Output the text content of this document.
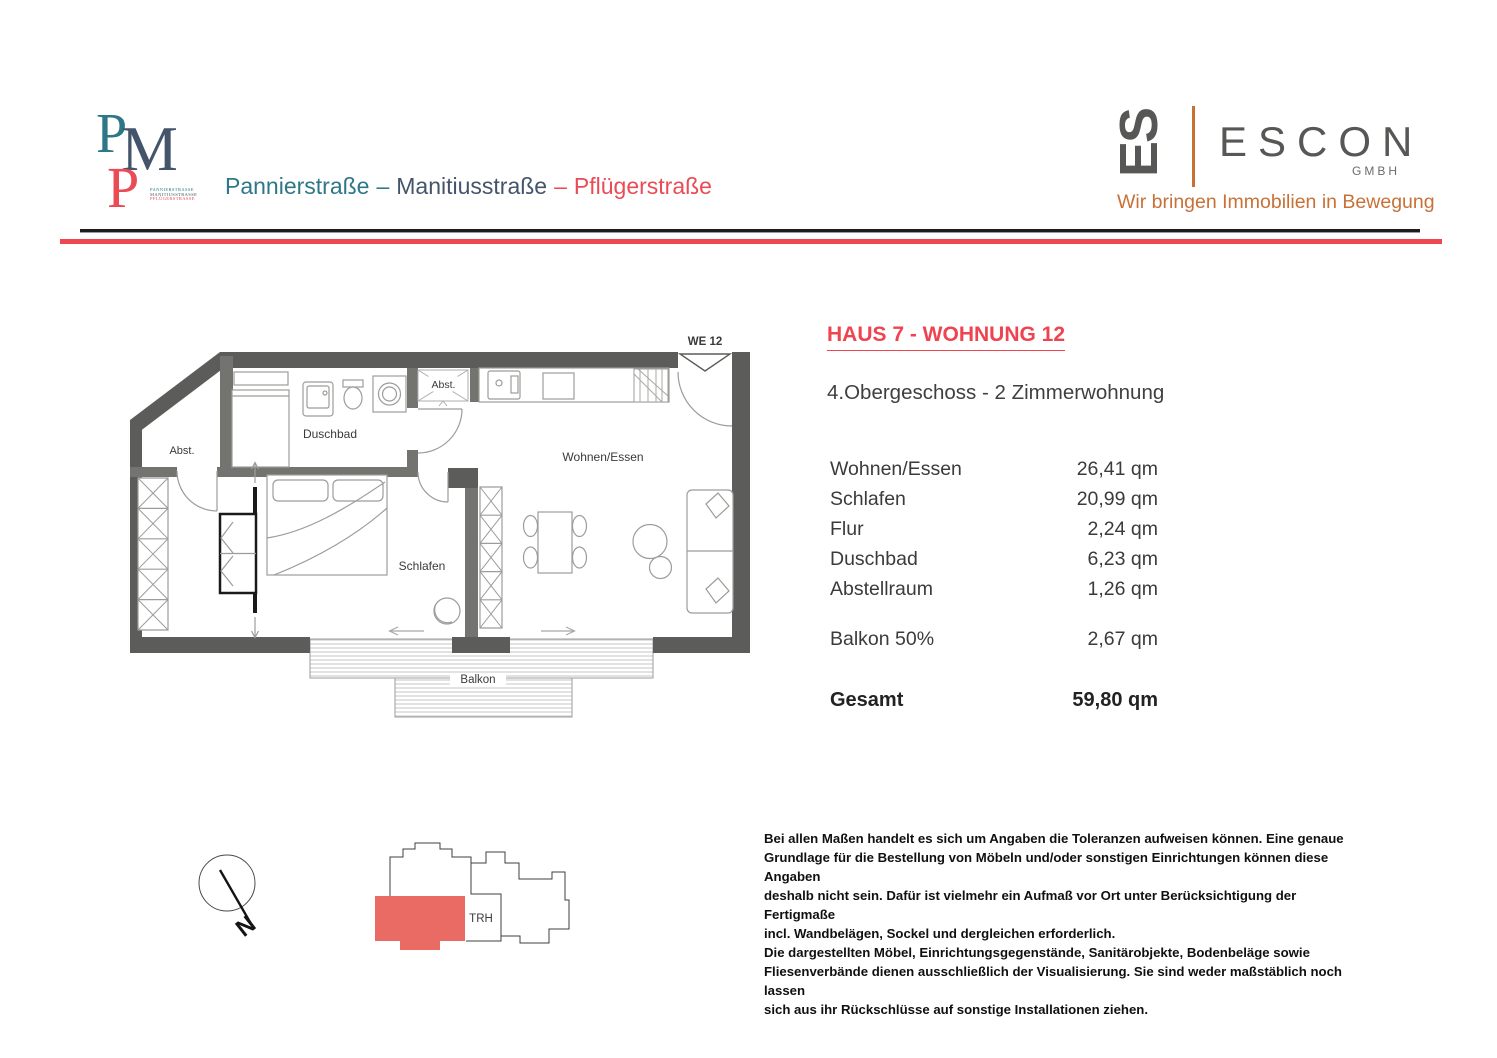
P
M
P PANNIERSTRASSE
MANITIUSSTRASSE
PFLÜGERSTRASSE	Pannierstraße – Manitiusstraße – Pflügerstraße
ES ESCON
GMBH
Wir bringen Immobilien in Bewegung
HAUS 7 - WOHNUNG 12
4.Obergeschoss - 2 Zimmerwohnung
Wohnen/Essen	26,41 qm
Schlafen	20,99 qm
Flur	2,24 qm
Duschbad	6,23 qm
Abstellraum	1,26 qm
Balkon 50%	2,67 qm
Gesamt	59,80 qm
WE 12
Duschbad
Abst.
Abst.
Wohnen/Essen
Schlafen
Balkon
N	TRH
Bei allen Maßen handelt es sich um Angaben die Toleranzen aufweisen können. Eine genaue
Grundlage für die Bestellung von Möbeln und/oder sonstigen Einrichtungen können diese Angaben
deshalb nicht sein. Dafür ist vielmehr ein Aufmaß vor Ort unter Berücksichtigung der Fertigmaße
incl. Wandbelägen, Sockel und dergleichen erforderlich.
Die dargestellten Möbel, Einrichtungsgegenstände, Sanitärobjekte, Bodenbeläge sowie
Fliesenverbände dienen ausschließlich der Visualisierung. Sie sind weder maßstäblich noch lassen
sich aus ihr Rückschlüsse auf sonstige Installationen ziehen.
